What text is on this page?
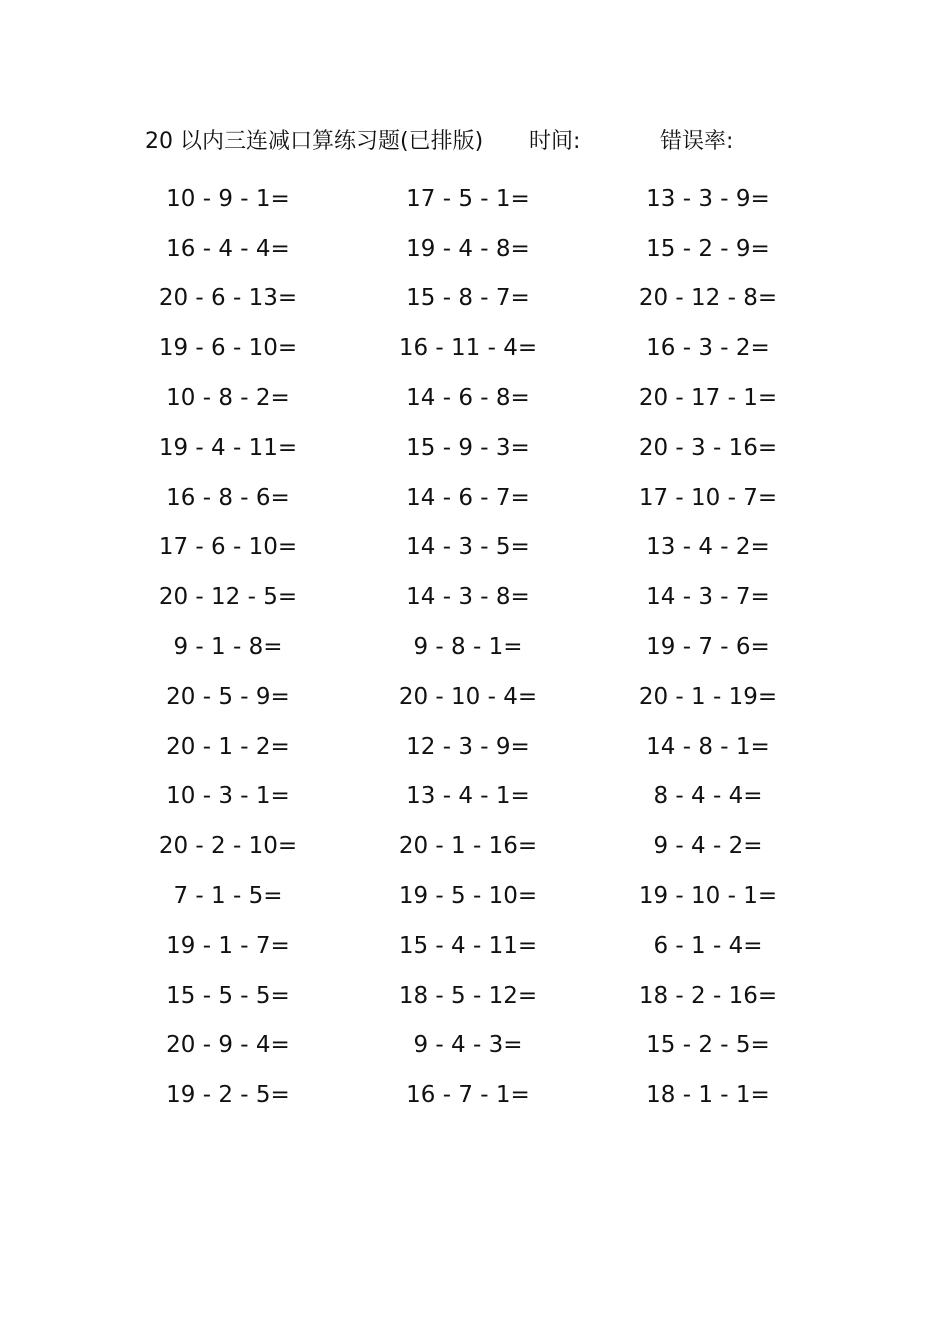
20 以内三连减口算练习题(已排版) 时间:	错误率:
10 - 9 - 1=	17 - 5 - 1=	13 - 3 - 9=
16 - 4 - 4=	19 - 4 - 8=	15 - 2 - 9=
20 - 6 - 13=	15 - 8 - 7=	20 - 12 - 8=
19 - 6 - 10=	16 - 11 - 4=	16 - 3 - 2=
10 - 8 - 2=	14 - 6 - 8=	20 - 17 - 1=
19 - 4 - 11=	15 - 9 - 3=	20 - 3 - 16=
16 - 8 - 6=	14 - 6 - 7=	17 - 10 - 7=
17 - 6 - 10=	14 - 3 - 5=	13 - 4 - 2=
20 - 12 - 5=	14 - 3 - 8=	14 - 3 - 7=
9 - 1 - 8=	9 - 8 - 1=	19 - 7 - 6=
20 - 5 - 9=	20 - 10 - 4=	20 - 1 - 19=
20 - 1 - 2=	12 - 3 - 9=	14 - 8 - 1=
10 - 3 - 1=	13 - 4 - 1=	8 - 4 - 4=
20 - 2 - 10=	20 - 1 - 16=	9 - 4 - 2=
7 - 1 - 5=	19 - 5 - 10=	19 - 10 - 1=
19 - 1 - 7=	15 - 4 - 11=	6 - 1 - 4=
15 - 5 - 5=	18 - 5 - 12=	18 - 2 - 16=
20 - 9 - 4=	9 - 4 - 3=	15 - 2 - 5=
19 - 2 - 5=	16 - 7 - 1=	18 - 1 - 1=
